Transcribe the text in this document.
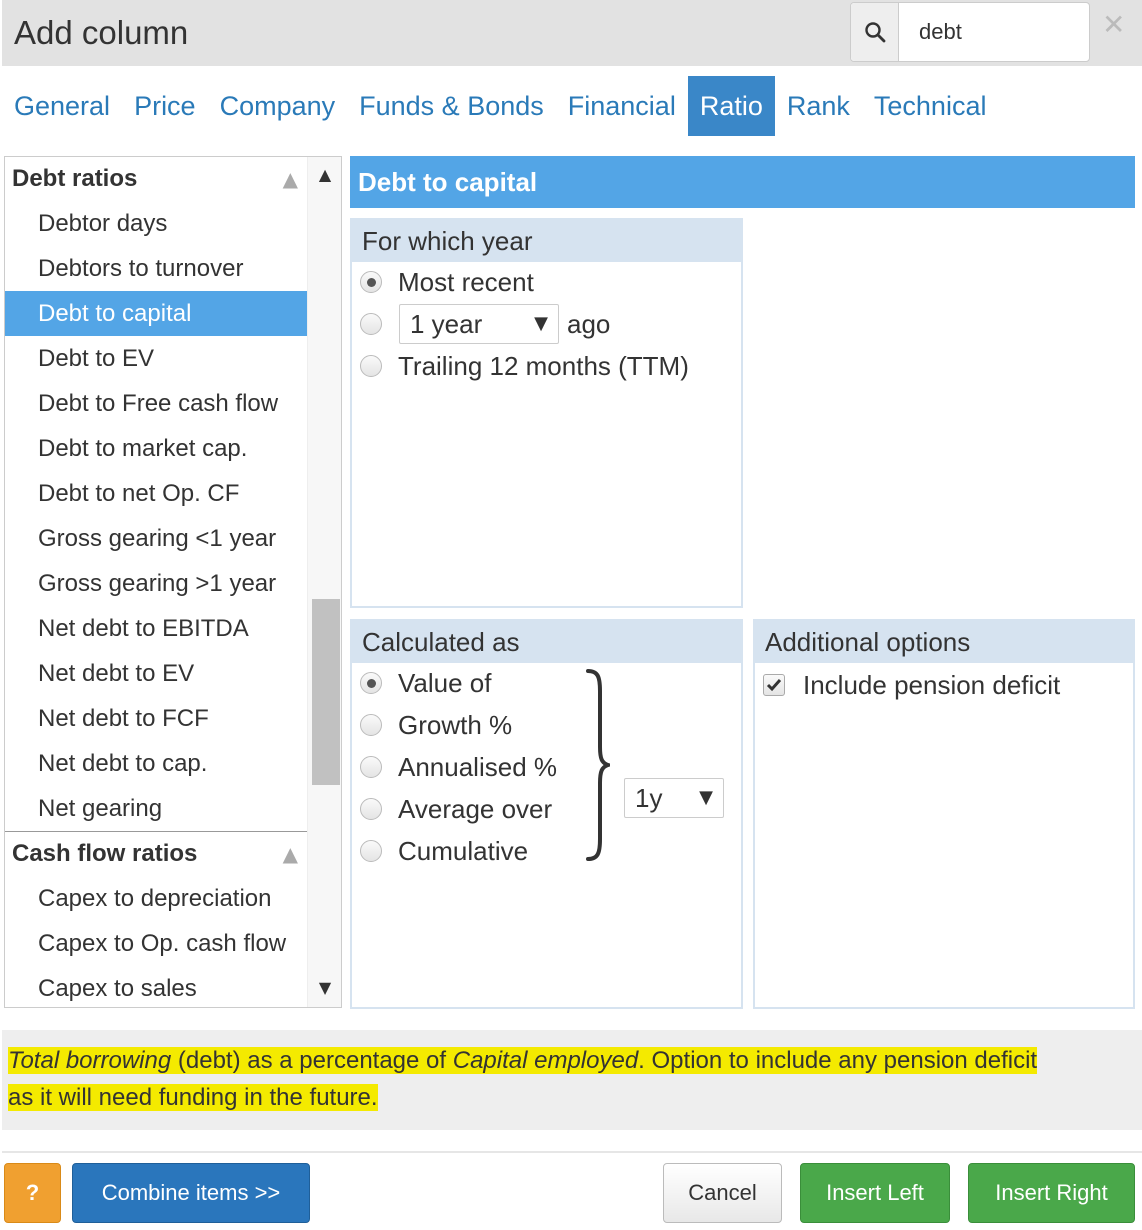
Add column
debt	✕
General Price Company Funds & Bonds Financial Ratio Rank Technical
Debt ratios	▲
Debtor days
Debtors to turnover
Debt to capital
Debt to EV
Debt to Free cash flow
Debt to market cap.
Debt to net Op. CF
Gross gearing <1 year
Gross gearing >1 year
Net debt to EBITDA
Net debt to EV
Net debt to FCF
Net debt to cap.
Net gearing
Cash flow ratios	▲
Capex to depreciation
Capex to Op. cash flow
Capex to sales
▲
▼
Debt to capital
For which year
Most recent
1 year	▼ ago
Trailing 12 months (TTM)
Calculated as
Value of
Growth %
Annualised %
Average over
Cumulative
1y ▼
Additional options
Include pension deficit
Total borrowing (debt) as a percentage of Capital employed. Option to include any pension deficit
as it will need funding in the future.
?	Combine items >>	Cancel	Insert Left	Insert Right
